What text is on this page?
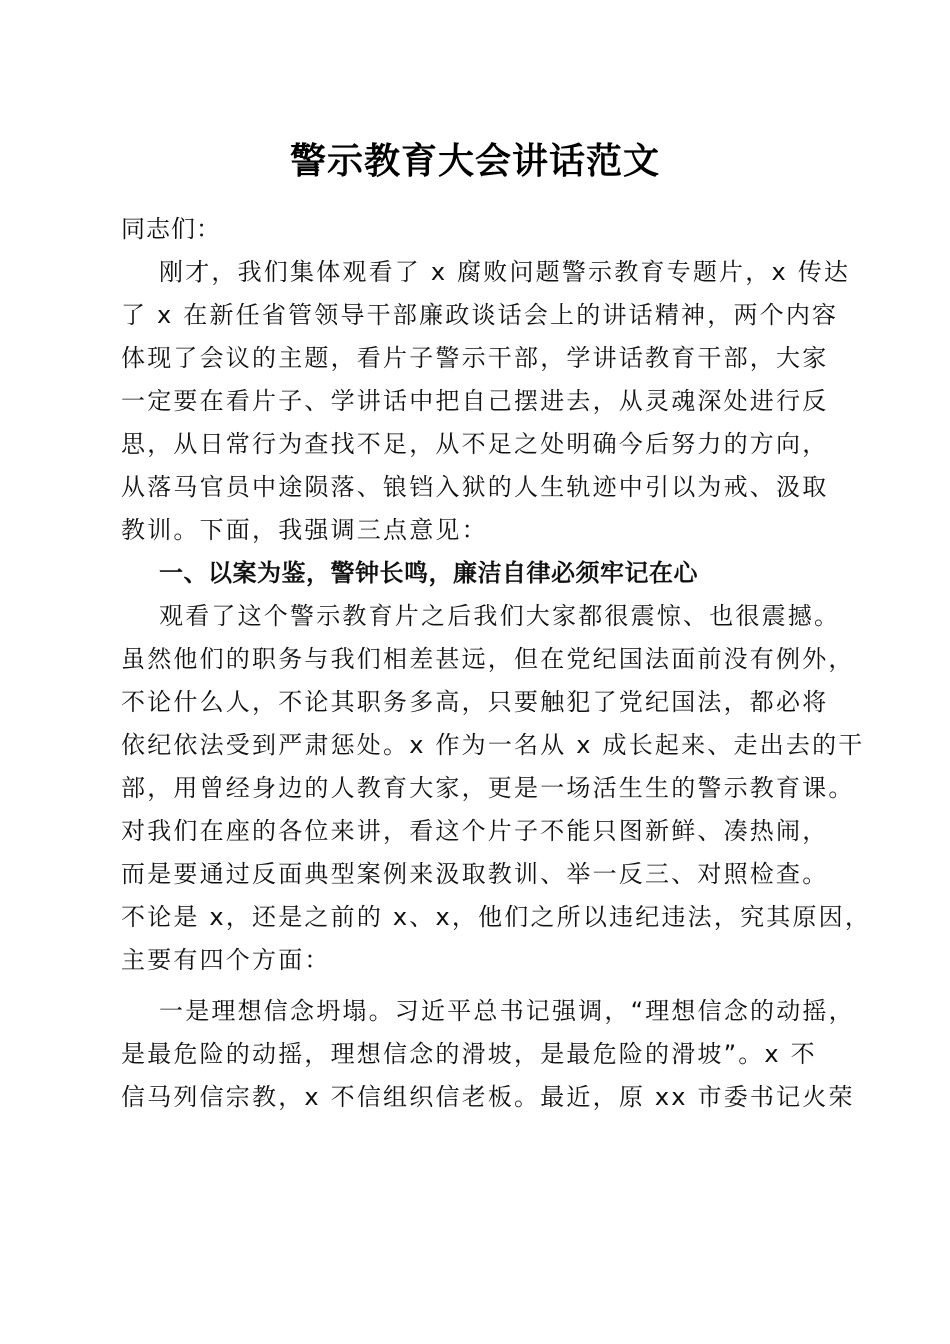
警示教育大会讲话范文
同志们：
刚才，我们集体观看了 x 腐败问题警示教育专题片，x 传达
了 x 在新任省管领导干部廉政谈话会上的讲话精神，两个内容
体现了会议的主题，看片子警示干部，学讲话教育干部，大家
一定要在看片子、学讲话中把自己摆进去，从灵魂深处进行反
思，从日常行为查找不足，从不足之处明确今后努力的方向，
从落马官员中途陨落、锒铛入狱的人生轨迹中引以为戒、汲取
教训。下面，我强调三点意见：
一、以案为鉴，警钟长鸣，廉洁自律必须牢记在心
观看了这个警示教育片之后我们大家都很震惊、也很震撼。
虽然他们的职务与我们相差甚远，但在党纪国法面前没有例外，
不论什么人，不论其职务多高，只要触犯了党纪国法，都必将
依纪依法受到严肃惩处。x 作为一名从 x 成长起来、走出去的干
部，用曾经身边的人教育大家，更是一场活生生的警示教育课。
对我们在座的各位来讲，看这个片子不能只图新鲜、凑热闹，
而是要通过反面典型案例来汲取教训、举一反三、对照检查。
不论是 x，还是之前的 x、x，他们之所以违纪违法，究其原因，
主要有四个方面：
一是理想信念坍塌。习近平总书记强调，“理想信念的动摇，
是最危险的动摇，理想信念的滑坡，是最危险的滑坡”。x 不
信马列信宗教，x 不信组织信老板。最近，原 xx 市委书记火荣
